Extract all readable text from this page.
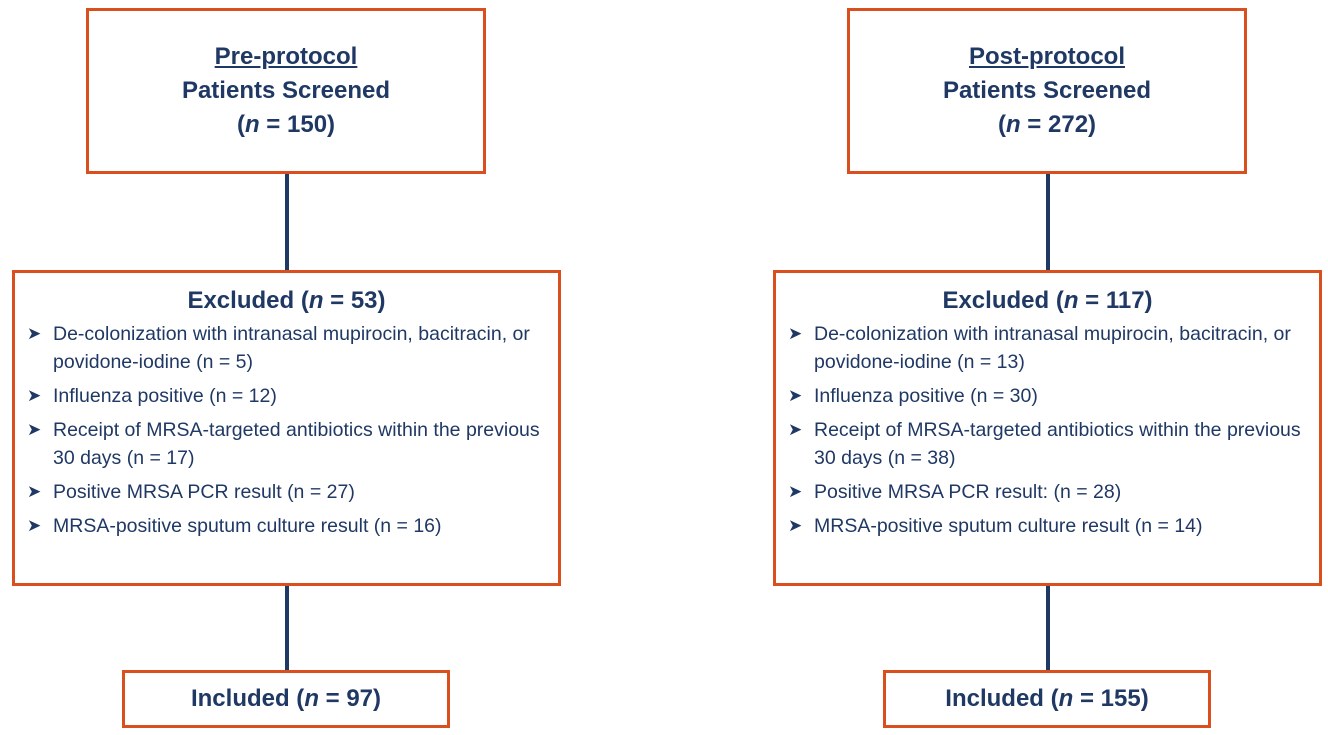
Pre-protocol
Patients Screened
(n = 150)
Excluded (n = 53)
➤ De-colonization with intranasal mupirocin, bacitracin, or povidone-iodine (n = 5)
➤ Influenza positive (n = 12)
➤ Receipt of MRSA-targeted antibiotics within the previous 30 days (n = 17)
➤ Positive MRSA PCR result (n = 27)
➤ MRSA-positive sputum culture result (n = 16)
Included (n = 97)
Post-protocol
Patients Screened
(n = 272)
Excluded (n = 117)
➤ De-colonization with intranasal mupirocin, bacitracin, or povidone-iodine (n = 13)
➤ Influenza positive (n = 30)
➤ Receipt of MRSA-targeted antibiotics within the previous 30 days (n = 38)
➤ Positive MRSA PCR result: (n = 28)
➤ MRSA-positive sputum culture result (n = 14)
Included (n = 155)
